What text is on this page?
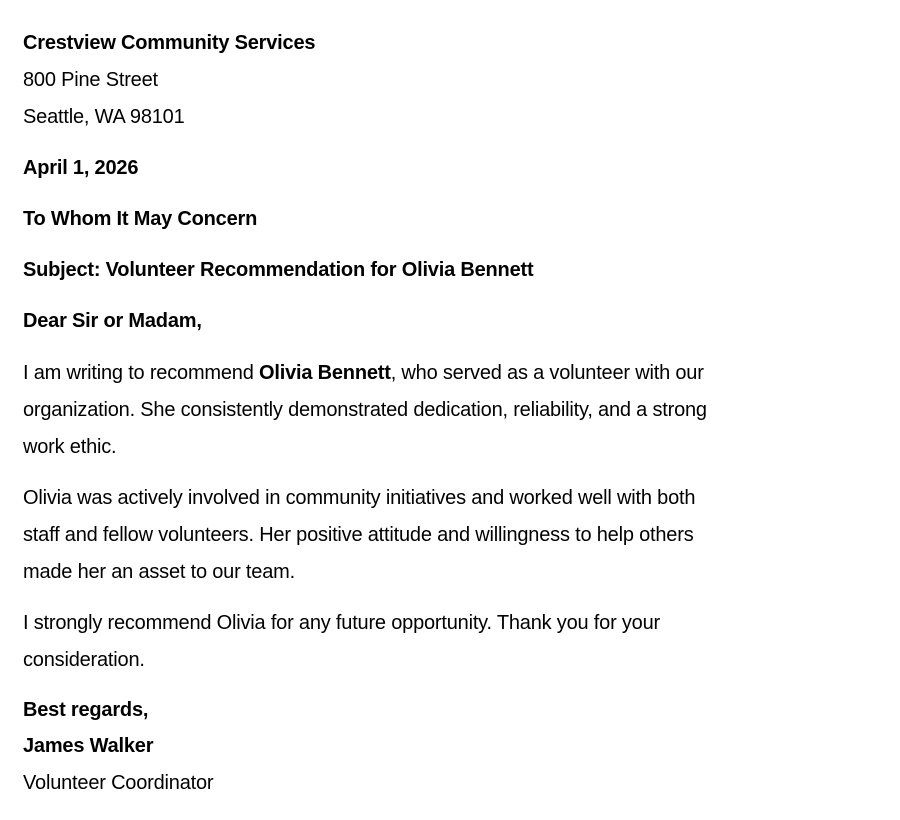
Crestview Community Services
800 Pine Street
Seattle, WA 98101
April 1, 2026
To Whom It May Concern
Subject: Volunteer Recommendation for Olivia Bennett
Dear Sir or Madam,
I am writing to recommend Olivia Bennett, who served as a volunteer with our
organization. She consistently demonstrated dedication, reliability, and a strong
work ethic.
Olivia was actively involved in community initiatives and worked well with both
staff and fellow volunteers. Her positive attitude and willingness to help others
made her an asset to our team.
I strongly recommend Olivia for any future opportunity. Thank you for your
consideration.
Best regards,
James Walker
Volunteer Coordinator
